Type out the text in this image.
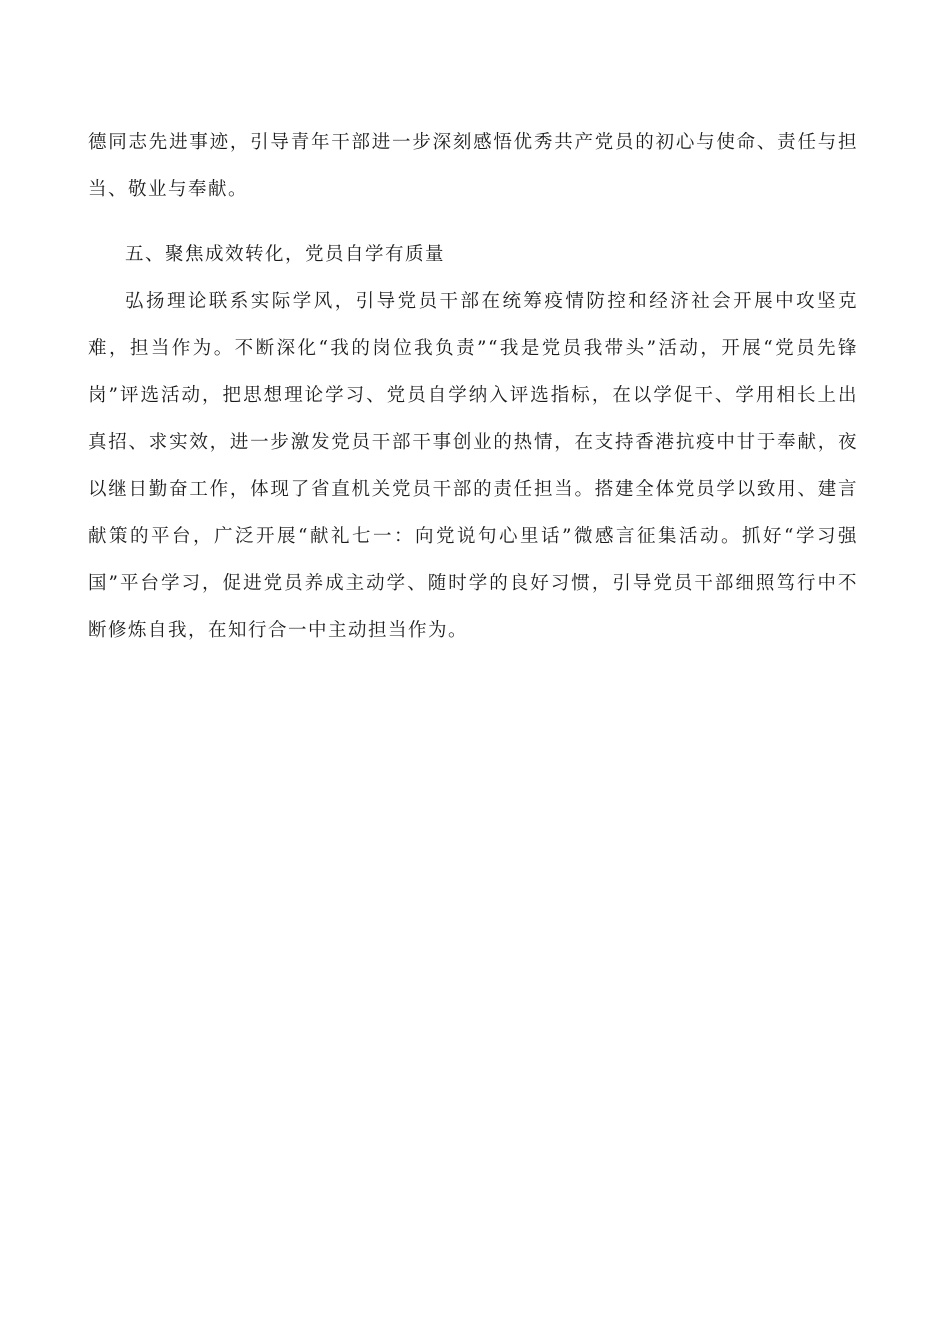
德同志先进事迹，引导青年干部进一步深刻感悟优秀共产党员的初心与使命、责任与担当、敬业与奉献。

五、聚焦成效转化，党员自学有质量

弘扬理论联系实际学风，引导党员干部在统筹疫情防控和经济社会开展中攻坚克难，担当作为。不断深化“我的岗位我负责”“我是党员我带头”活动，开展“党员先锋岗”评选活动，把思想理论学习、党员自学纳入评选指标，在以学促干、学用相长上出真招、求实效，进一步激发党员干部干事创业的热情，在支持香港抗疫中甘于奉献，夜以继日勤奋工作，体现了省直机关党员干部的责任担当。搭建全体党员学以致用、建言献策的平台，广泛开展“献礼七一：向党说句心里话”微感言征集活动。抓好“学习强国”平台学习，促进党员养成主动学、随时学的良好习惯，引导党员干部细照笃行中不断修炼自我，在知行合一中主动担当作为。
